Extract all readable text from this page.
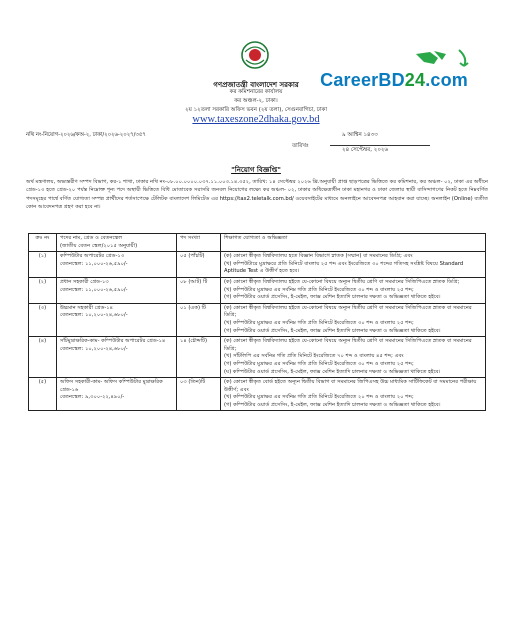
CareerBD24.com
গণপ্রজাতন্ত্রী বাংলাদেশ সরকার
কর কমিশনারের কার্যালয়
কর অঞ্চল-২, ঢাকা।
২য় ১২তলা সরকারি অফিস ভবন (২য় তলা), সেগুনবাগিচা, ঢাকা
www.taxeszone2dhaka.gov.bd
নথি নং-নিয়োগ-২০২৬/কঅ-২, ঢাকা/২০২৬-২০২৭/৩৫৭	৯ আশ্বিন ১৪৩৩
তারিখঃ
২৪ সেপ্টেম্বর, ২০২৬
"নিয়োগ বিজ্ঞপ্তি"
অর্থ মন্ত্রণালয়, অভ্যন্তরীণ সম্পদ বিভাগ, কর-১ শাখা, ঢাকার নথি নং-০৮.০০.০০০০.০৩৭.১১.০০৩.১৪.৩৫২, তারিখ: ১৪ সেপ্টেম্বর ২০২৬ খ্রি.অনুযায়ী প্রাপ্ত ছাড়পত্রের ভিত্তিতে কর কমিশনার, কর অঞ্চল- ০২, ঢাকা এর অধীনে গ্রেড-১৩ হতে গ্রেড-২০ পর্যন্ত নিম্নোক্ত শূন্য পদে অস্থায়ী ভিত্তিতে বিধি মোতাবেক সরাসরি জনবল নিয়োগের লক্ষ্যে কর অঞ্চল- ০২, ঢাকার অধিক্ষেত্রাধীন ঢাকা মহানগর ও ঢাকা জেলার স্থায়ী বাসিন্দাগণের নিকট হতে নিম্নবর্ণিত পদসমূহের পার্শ্বে বর্ণিত যোগ্যতা সম্পন্ন প্রার্থীদের শর্তসাপেক্ষে টেলিটক বাংলাদেশ লিমিটেড এর https://tax2.teletalk.com.bd/ ওয়েবসাইটের মাধ্যমে অনলাইনে আবেদনপত্র আহবান করা যাচ্ছে। অনলাইন (Online) ব্যতীত কোন আবেদনপত্র গ্রহণ করা হবে না।
ক্রঃ নং	পদের নাম, গ্রেড ও বেতনস্কেল
(জাতীয় বেতন স্কেল/২০১৫ অনুযায়ী)	পদ সংখ্যা	শিক্ষাগত যোগ্যতা ও অভিজ্ঞতা
(১)	কম্পিউটার অপারেটর গ্রেড-১৩
বেতনস্কেল: ১১,০০০-২৬,৫৯০/-	০৫ (পাঁচটি)	(ক) কোনো স্বীকৃত বিশ্ববিদ্যালয় হতে বিজ্ঞান বিভাগে স্নাতক (সম্মান) বা সমমানের ডিগ্রি; এবং
(খ) কম্পিউটারে মুদ্রাক্ষরে প্রতি মিনিটে বাংলায় ২৫ শব্দ এবং ইংরেজিতে ৩০ শব্দের গতিসহ সংশ্লিষ্ট বিষয়ে Standard Aptitude Test এ উত্তীর্ণ হতে হবে।

(২)	প্রধান সহকারী গ্রেড-১৩
বেতনস্কেল: ১১,০০০-২৬,৫৯০/-	০৮ (আট) টি	(ক) কোনো স্বীকৃত বিশ্ববিদ্যালয় হইতে যে-কোনো বিষয়ে অন্যূন দ্বিতীয় শ্রেণি বা সমমানের সিজিপিএতে স্নাতক ডিগ্রি;
(খ) কম্পিউটার মুদ্রাক্ষর এর সর্বনিম্ন গতি প্রতি মিনিটে ইংরেজিতে ৩০ শব্দ ও বাংলায় ২৫ শব্দ;
(গ) কম্পিউটার ওয়ার্ড প্রসেসিং, ই-মেইল, ফ্যাক্স মেশিন ইত্যাদি চালনার দক্ষতা ও অভিজ্ঞতা থাকিতে হইবে।

(৩)	উচ্চমান সহকারী গ্রেড-১৪
বেতনস্কেল: ১০,২০০-২৪,৬৮০/-	০১ (এক) টি	(ক) কোনো স্বীকৃত বিশ্ববিদ্যালয় হইতে যে-কোনো বিষয়ে অন্যূন দ্বিতীয় শ্রেণি বা সমমানের সিজিপিএতে স্নাতক বা সমমানের ডিগ্রি;
(খ) কম্পিউটার মুদ্রাক্ষর এর সর্বনিম্ন গতি প্রতি মিনিটে ইংরেজিতে ৩০ শব্দ ও বাংলায় ২৫ শব্দ;
(গ) কম্পিউটার ওয়ার্ড প্রসেসিং, ই-মেইল, ফ্যাক্স মেশিন ইত্যাদি চালনার দক্ষতা ও অভিজ্ঞতা থাকিতে হইবে।

(৪)	সাঁটমুদ্রাক্ষরিক-কাম- কম্পিউটার অপারেটর গ্রেড-১৪
বেতনস্কেল: ১০,২০০-২৪,৬৮০/-	১৪ (চৌদ্দটি)	(ক) কোনো স্বীকৃত বিশ্ববিদ্যালয় হইতে যে-কোনো বিষয়ে অন্যূন দ্বিতীয় শ্রেণি বা সমমানের সিজিপিএতে স্নাতক বা সমমানের ডিগ্রি;
(খ) সাঁটলিপি এর সর্বনিম্ন গতি প্রতি মিনিটে ইংরেজিতে ৭০ শব্দ ও বাংলায় ৪৫ শব্দ; এবং
(গ) কম্পিউটার মুদ্রাক্ষর এর সর্বনিম্ন গতি প্রতি মিনিটে ইংরেজিতে ৩০ শব্দ ও বাংলায় ২৫ শব্দ;
(ঘ) কম্পিউটার ওয়ার্ড প্রসেসিং, ই-মেইল, ফ্যাক্স মেশিন ইত্যাদি চালনার দক্ষতা ও অভিজ্ঞতা থাকিতে হইবে।

(৫)	অফিস সহকারী-কাম- অফিস কম্পিউটার মুদ্রাক্ষরিক গ্রেড-১৬
বেতনস্কেল: ৯,৩০০-২২,৪৯০/-	০৩ (তিন)টি	(ক) কোনো স্বীকৃত বোর্ড হইতে অন্যূন দ্বিতীয় বিভাগ বা সমমানের জিপিএসহ উচ্চ মাধ্যমিক সার্টিফিকেট বা সমমানের পরীক্ষায় উত্তীর্ণ; এবং
(খ) কম্পিউটার মুদ্রাক্ষর এর সর্বনিম্ন গতি প্রতি মিনিটে ইংরেজিতে ২০ শব্দ ও বাংলায় ২০ শব্দ;
(গ) কম্পিউটার ওয়ার্ড প্রসেসিং, ই-মেইল, ফ্যাক্স মেশিন ইত্যাদি চালনার দক্ষতা ও অভিজ্ঞতা থাকিতে হইবে।
